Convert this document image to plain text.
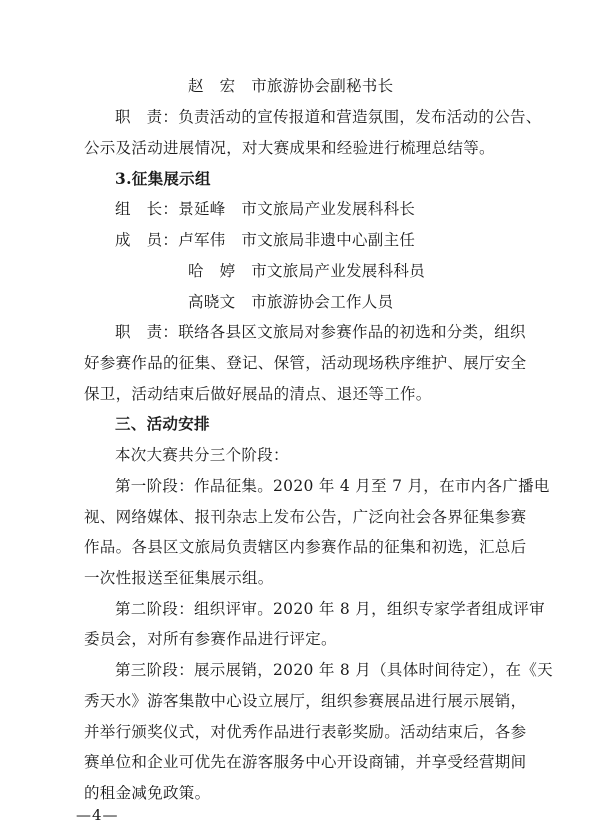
赵　宏　市旅游协会副秘书长
职　责：负责活动的宣传报道和营造氛围，发布活动的公告、
公示及活动进展情况，对大赛成果和经验进行梳理总结等。
3.征集展示组
组　长：景延峰　市文旅局产业发展科科长
成　员：卢军伟　市文旅局非遗中心副主任
哈　婷　市文旅局产业发展科科员
高晓文　市旅游协会工作人员
职　责：联络各县区文旅局对参赛作品的初选和分类，组织
好参赛作品的征集、登记、保管，活动现场秩序维护、展厅安全
保卫，活动结束后做好展品的清点、退还等工作。
三、活动安排
本次大赛共分三个阶段：
第一阶段：作品征集。2020 年 4 月至 7 月，在市内各广播电
视、网络媒体、报刊杂志上发布公告，广泛向社会各界征集参赛
作品。各县区文旅局负责辖区内参赛作品的征集和初选，汇总后
一次性报送至征集展示组。
第二阶段：组织评审。2020 年 8 月，组织专家学者组成评审
委员会，对所有参赛作品进行评定。
第三阶段：展示展销，2020 年 8 月（具体时间待定），在《天
秀天水》游客集散中心设立展厅，组织参赛展品进行展示展销，
并举行颁奖仪式，对优秀作品进行表彰奖励。活动结束后，各参
赛单位和企业可优先在游客服务中心开设商铺，并享受经营期间
的租金减免政策。
—4—
